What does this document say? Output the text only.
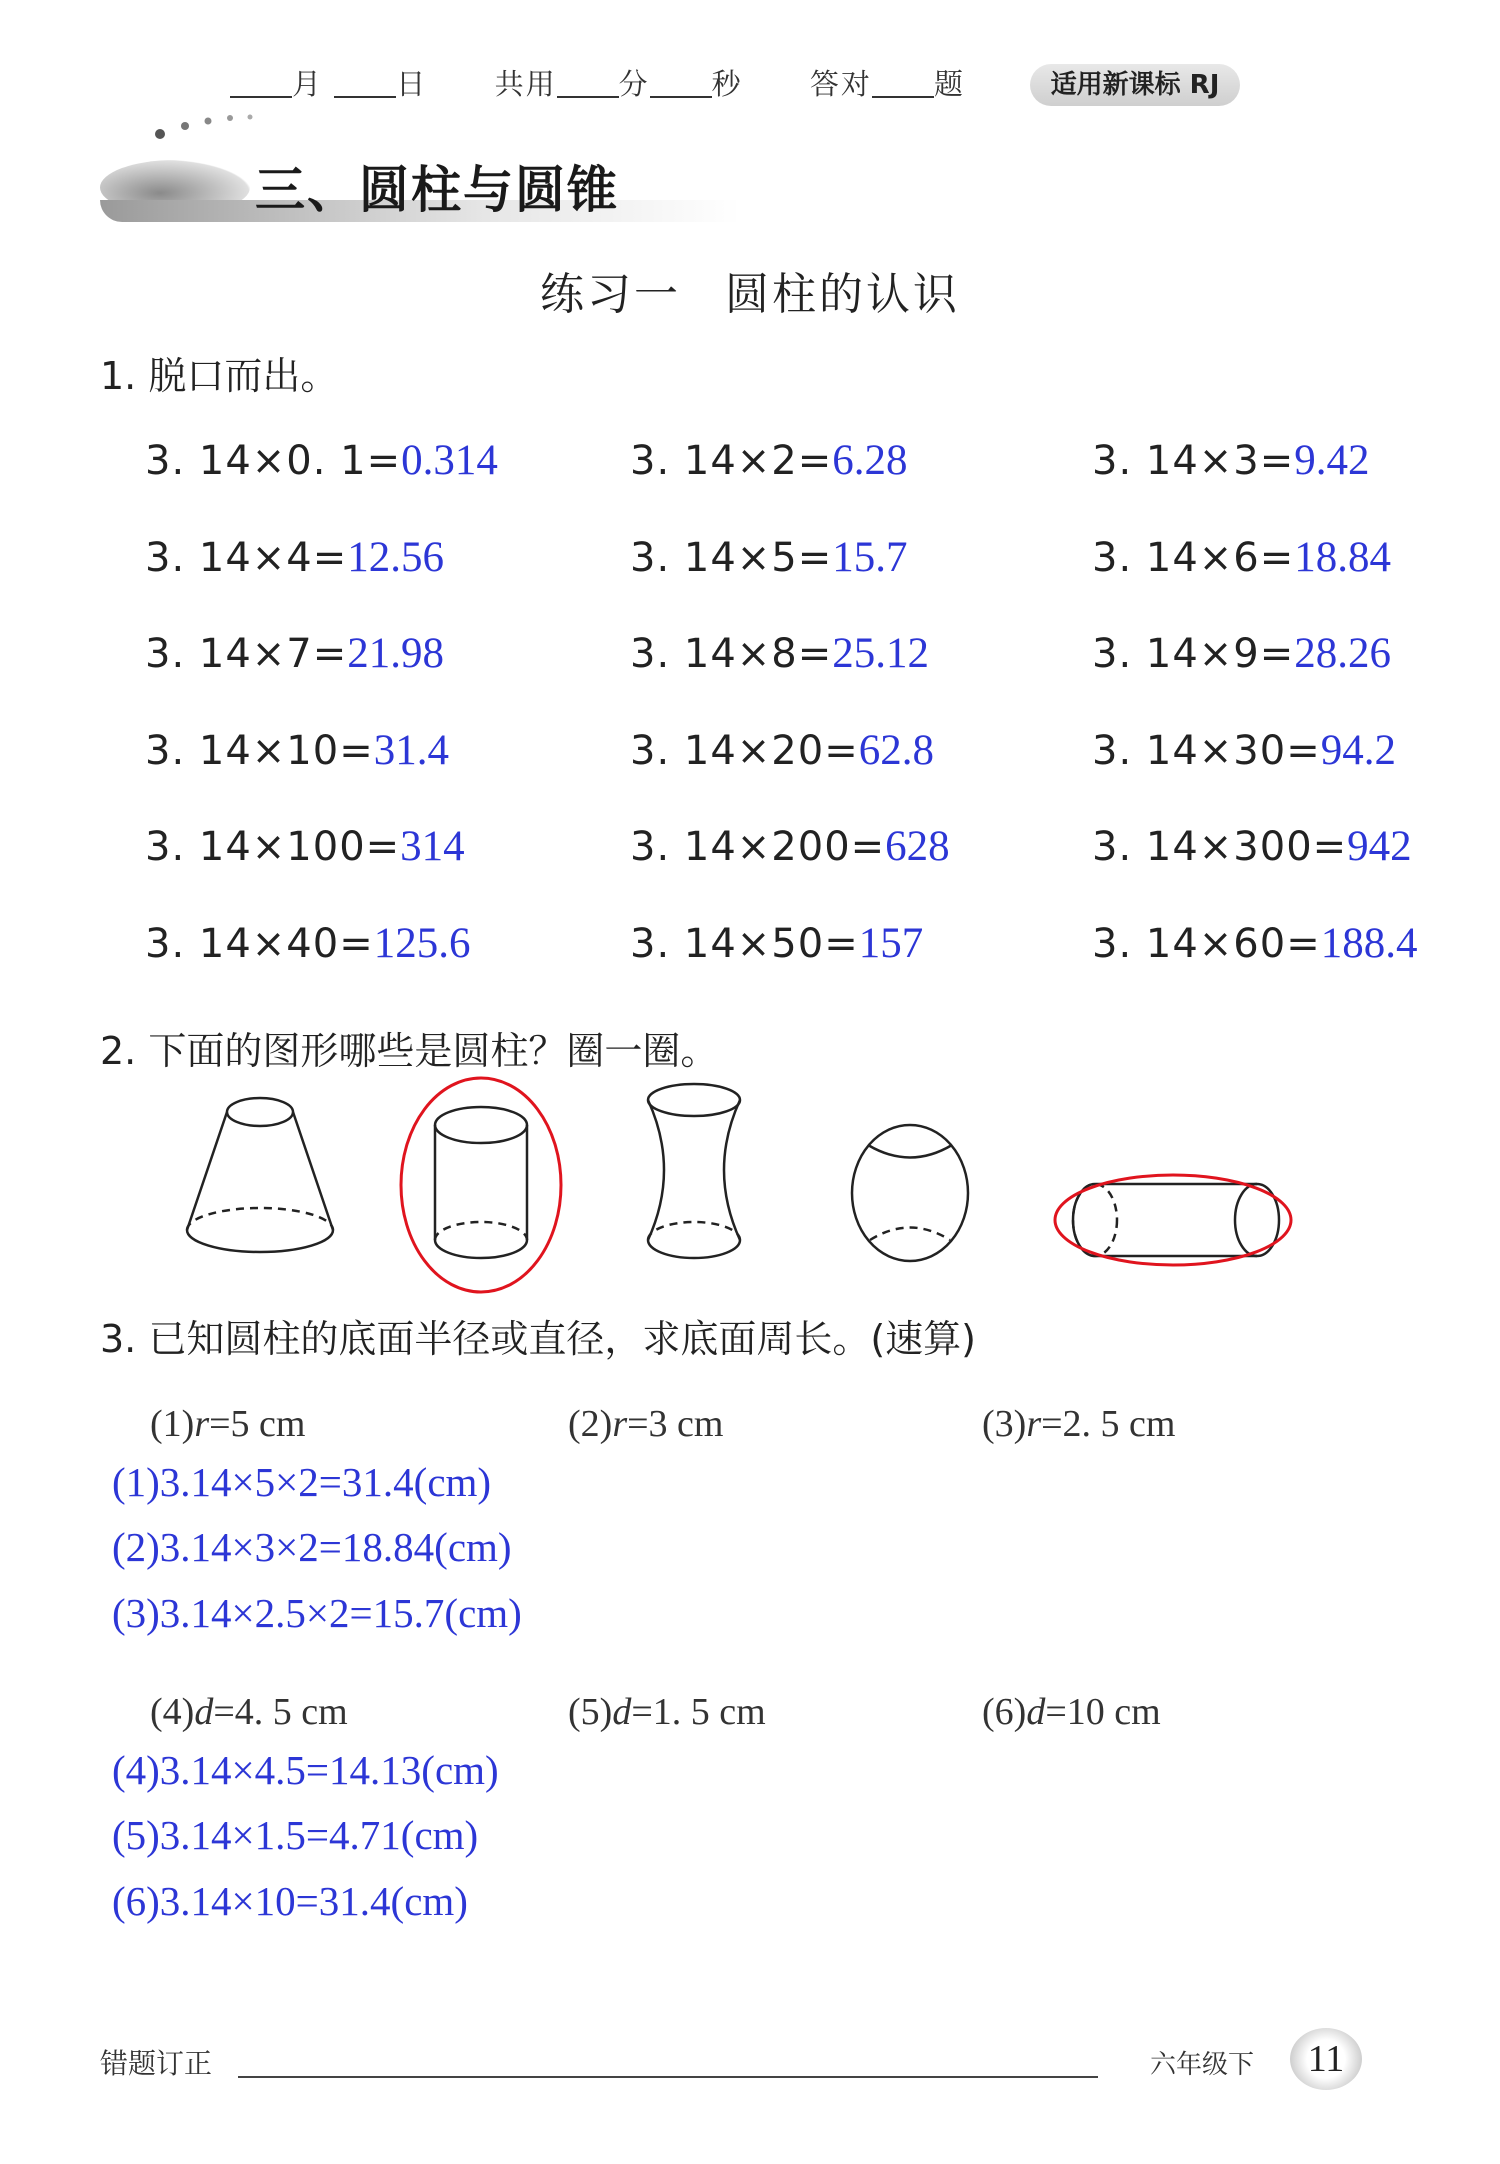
月	日 共用 分 秒 答对 题	适用新课标 RJ
三、圆柱与圆锥
练习一 圆柱的认识
1. 脱口而出。
3. 14×0. 1=0.314	3. 14×2=6.28	3. 14×3=9.42
3. 14×4=12.56	3. 14×5=15.7	3. 14×6=18.84
3. 14×7=21.98	3. 14×8=25.12	3. 14×9=28.26
3. 14×10=31.4	3. 14×20=62.8	3. 14×30=94.2
3. 14×100=314	3. 14×200=628	3. 14×300=942
3. 14×40=125.6	3. 14×50=157	3. 14×60=188.4
2. 下面的图形哪些是圆柱？圈一圈。
3. 已知圆柱的底面半径或直径，求底面周长。(速算)
(1)r=5 cm	(2)r=3 cm	(3)r=2. 5 cm
(1)3.14×5×2=31.4(cm)
(2)3.14×3×2=18.84(cm)
(3)3.14×2.5×2=15.7(cm)
(4)d=4. 5 cm	(5)d=1. 5 cm	(6)d=10 cm
(4)3.14×4.5=14.13(cm)
(5)3.14×1.5=4.71(cm)
(6)3.14×10=31.4(cm)
错题订正	六年级下	11
